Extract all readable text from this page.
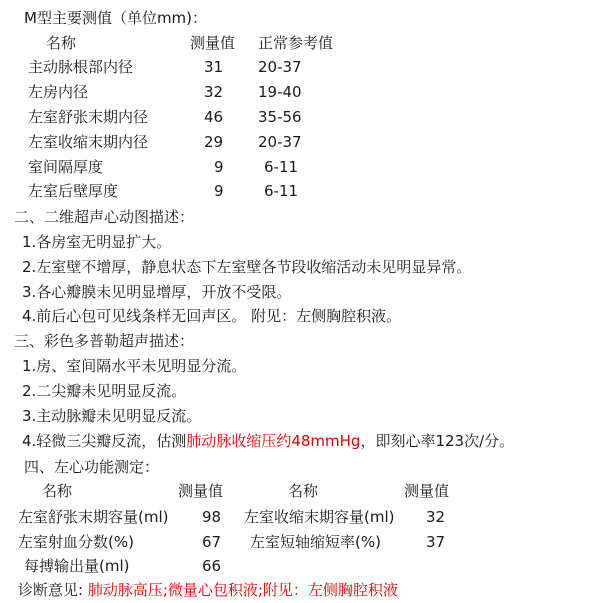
M型主要测值（单位mm)：
名称	测量值 正常参考值
主动脉根部内径	31 20-37
左房内径	32 19-40
左室舒张末期内径	46 35-56
左室收缩末期内径	29 20-37
室间隔厚度	9	6-11
左室后壁厚度	9	6-11
二、二维超声心动图描述：
1.各房室无明显扩大。
2.左室壁不增厚，静息状态下左室壁各节段收缩活动未见明显异常。
3.各心瓣膜未见明显增厚，开放不受限。
4.前后心包可见线条样无回声区。 附见：左侧胸腔积液。
三、彩色多普勒超声描述：
1.房、室间隔水平未见明显分流。
2.二尖瓣未见明显反流。
3.主动脉瓣未见明显反流。
4.轻微三尖瓣反流，估测肺动脉收缩压约48mmHg，即刻心率123次/分。
四、左心功能测定：
名称	测量值	名称	测量值
左室舒张末期容量(ml) 98 左室收缩末期容量(ml) 32
左室射血分数(%)	67 左室短轴缩短率(%)	37
每搏输出量(ml)	66
诊断意见: 肺动脉高压;微量心包积液;附见：左侧胸腔积液
